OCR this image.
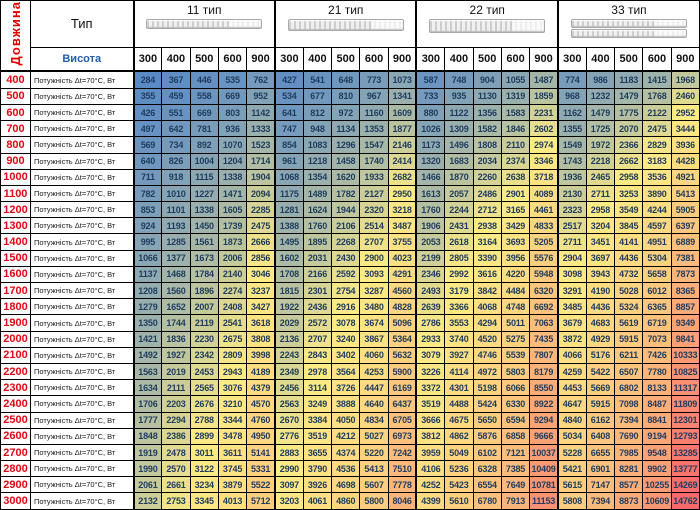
Довжина	Тип	11 тип					21 тип					22 тип					33 тип				

	Висота	300	400	500	600	900	300	400	500	600	900	300	400	500	600	900	300	400	500	600	900
400	Потужність Δt=70°C, Вт	284	367	446	535	762	427	541	648	773	1073	587	748	904	1055	1487	774	986	1183	1415	1968
500	Потужність Δt=70°C, Вт	355	459	558	669	952	534	677	810	967	1341	733	935	1130	1319	1859	968	1232	1479	1768	2460
600	Потужність Δt=70°C, Вт	426	551	669	803	1142	641	812	972	1160	1609	880	1122	1356	1583	2231	1162	1479	1775	2122	2952
700	Потужність Δt=70°C, Вт	497	642	781	936	1333	747	948	1134	1353	1877	1026	1309	1582	1846	2602	1355	1725	2070	2475	3444
800	Потужність Δt=70°C, Вт	569	734	892	1070	1523	854	1083	1296	1547	2146	1173	1496	1808	2110	2974	1549	1972	2366	2829	3936
900	Потужність Δt=70°C, Вт	640	826	1004	1204	1714	961	1218	1458	1740	2414	1320	1683	2034	2374	3346	1743	2218	2662	3183	4428
1000	Потужність Δt=70°C, Вт	711	918	1115	1338	1904	1068	1354	1620	1933	2682	1466	1870	2260	2638	3718	1936	2465	2958	3536	4921
1100	Потужність Δt=70°C, Вт	782	1010	1227	1471	2094	1175	1489	1782	2127	2950	1613	2057	2486	2901	4089	2130	2711	3253	3890	5413
1200	Потужність Δt=70°C, Вт	853	1101	1338	1605	2285	1281	1624	1944	2320	3218	1760	2244	2712	3165	4461	2323	2958	3549	4244	5905
1300	Потужність Δt=70°C, Вт	924	1193	1450	1739	2475	1388	1760	2106	2514	3487	1906	2431	2938	3429	4833	2517	3204	3845	4597	6397
1400	Потужність Δt=70°C, Вт	995	1285	1561	1873	2666	1495	1895	2268	2707	3755	2053	2618	3164	3693	5205	2711	3451	4141	4951	6889
1500	Потужність Δt=70°C, Вт	1066	1377	1673	2006	2856	1602	2031	2430	2900	4023	2199	2805	3390	3956	5576	2904	3697	4436	5304	7381
1600	Потужність Δt=70°C, Вт	1137	1468	1784	2140	3046	1708	2166	2592	3093	4291	2346	2992	3616	4220	5948	3098	3943	4732	5658	7873
1700	Потужність Δt=70°C, Вт	1208	1560	1896	2274	3237	1815	2301	2754	3287	4560	2493	3179	3842	4484	6320	3291	4190	5028	6012	8365
1800	Потужність Δt=70°C, Вт	1279	1652	2007	2408	3427	1922	2436	2916	3480	4828	2639	3366	4068	4748	6692	3485	4436	5324	6365	8857
1900	Потужність Δt=70°C, Вт	1350	1744	2119	2541	3618	2029	2572	3078	3674	5096	2786	3553	4294	5011	7063	3679	4683	5619	6719	9349
2000	Потужність Δt=70°C, Вт	1421	1836	2230	2675	3808	2136	2707	3240	3867	5364	2933	3740	4520	5275	7435	3872	4929	5915	7073	9841
2100	Потужність Δt=70°C, Вт	1492	1927	2342	2809	3998	2243	2843	3402	4060	5632	3079	3927	4746	5539	7807	4066	5176	6211	7426	10333
2200	Потужність Δt=70°C, Вт	1563	2019	2453	2943	4189	2349	2978	3564	4253	5900	3226	4114	4972	5803	8179	4259	5422	6507	7780	10825
2300	Потужність Δt=70°C, Вт	1634	2111	2565	3076	4379	2456	3114	3726	4447	6169	3372	4301	5198	6066	8550	4453	5669	6802	8133	11317
2400	Потужність Δt=70°C, Вт	1706	2203	2676	3210	4570	2563	3249	3888	4640	6437	3519	4488	5424	6330	8922	4647	5915	7098	8487	11809
2500	Потужність Δt=70°C, Вт	1777	2294	2788	3344	4760	2670	3384	4050	4834	6705	3666	4675	5650	6594	9294	4840	6162	7394	8841	12301
2600	Потужність Δt=70°C, Вт	1848	2386	2899	3478	4950	2776	3519	4212	5027	6973	3812	4862	5876	6858	9666	5034	6408	7690	9194	12793
2700	Потужність Δt=70°C, Вт	1919	2478	3011	3611	5141	2883	3655	4374	5220	7242	3959	5049	6102	7121	10037	5228	6655	7985	9548	13285
2800	Потужність Δt=70°C, Вт	1990	2570	3122	3745	5331	2990	3790	4536	5413	7510	4106	5236	6328	7385	10409	5421	6901	8281	9902	13777
2900	Потужність Δt=70°C, Вт	2061	2661	3234	3879	5522	3097	3926	4698	5607	7778	4252	5423	6554	7649	10781	5615	7147	8577	10255	14269
3000	Потужність Δt=70°C, Вт	2132	2753	3345	4013	5712	3203	4061	4860	5800	8046	4399	5610	6780	7913	11153	5808	7394	8873	10609	14762
